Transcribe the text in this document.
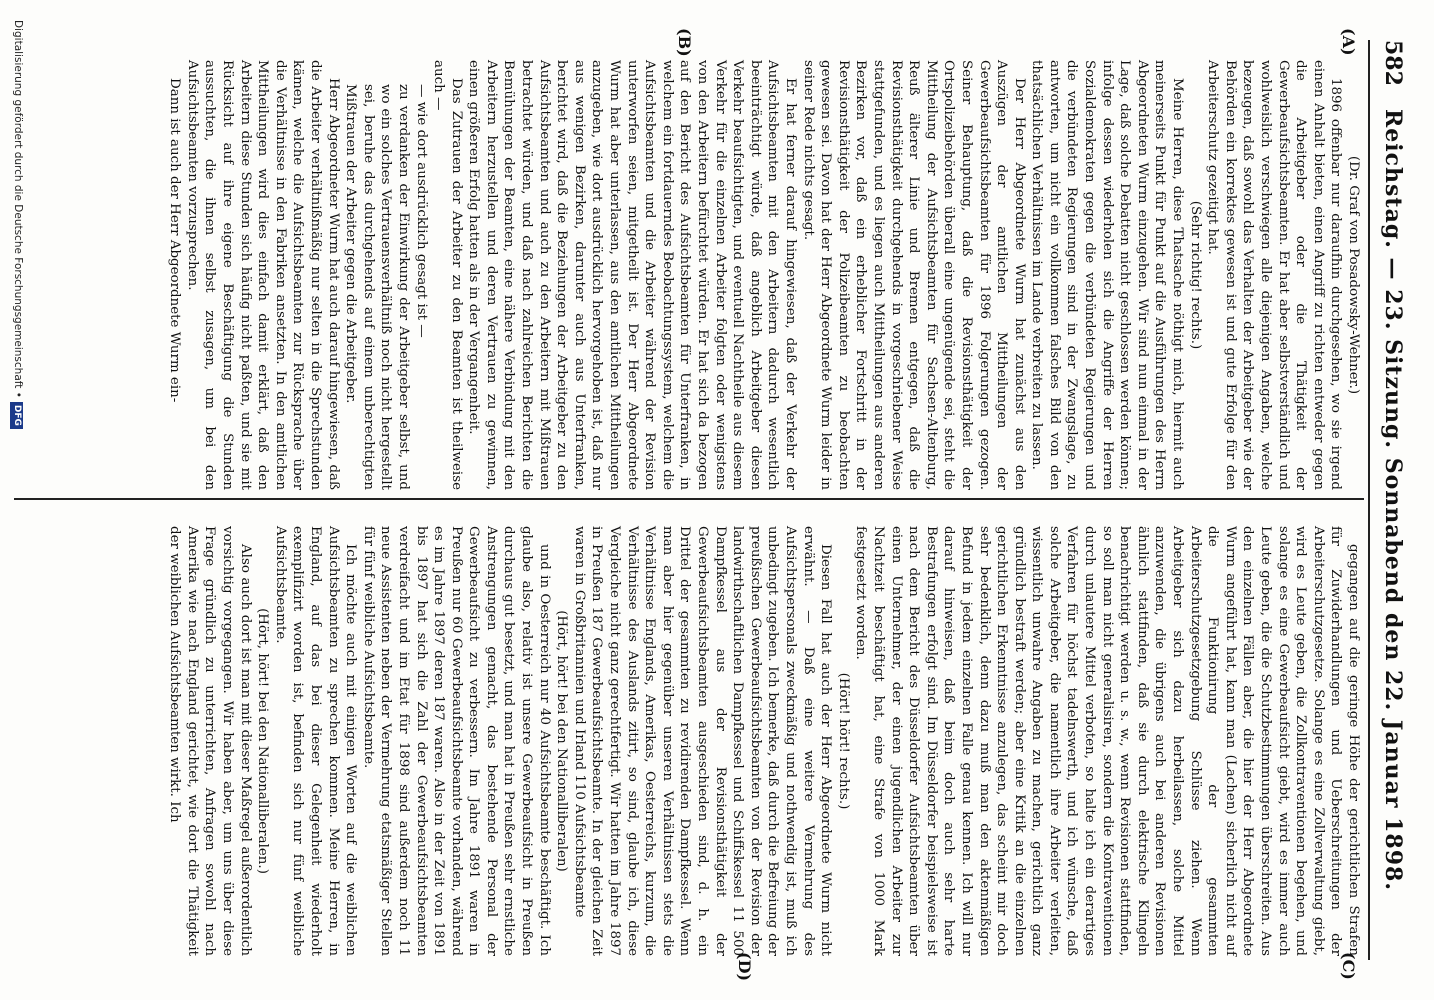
582
Reichstag. — 23. Sitzung. Sonnabend den 22. Januar 1898.
(A)
(B)
(C)
(D)

(Dr. Graf von Posadowsky-Wehner.)

1896 offenbar nur daraufhin durchgesehen, wo sie irgend einen Anhalt bieten, einen Angriff zu richten entweder gegen die Arbeitgeber oder die Thätigkeit der Gewerbeaufsichtsbeamten. Er hat aber selbstverständlich und wohlweislich verschwiegen alle diejenigen Angaben, welche bezeugen, daß sowohl das Verhalten der Arbeitgeber wie der Behörden ein korrektes gewesen ist und gute Erfolge für den Arbeiterschutz gezeitigt hat.

(Sehr richtig! rechts.)

Meine Herren, diese Thatsache nöthigt mich, hiermit auch meinerseits Punkt für Punkt auf die Ausführungen des Herrn Abgeordneten Wurm einzugehen. Wir sind nun einmal in der Lage, daß solche Debatten nicht geschlossen werden können; infolge dessen wiederholen sich die Angriffe der Herren Sozialdemokraten gegen die verbündeten Regierungen und die verbündeten Regierungen sind in der Zwangslage, zu antworten, um nicht ein vollkommen falsches Bild von den thatsächlichen Verhältnissen im Lande verbreiten zu lassen.

Der Herr Abgeordnete Wurm hat zunächst aus den Auszügen der amtlichen Mittheilungen der Gewerbeaufsichtsbeamten für 1896 Folgerungen gezogen. Seiner Behauptung, daß die Revisionsthätigkeit der Ortspolizeibehörden überall eine ungenügende sei, steht die Mittheilung der Aufsichtsbeamten für Sachsen-Altenburg, Reuß älterer Linie und Bremen entgegen, daß die Revisionsthätigkeit durchgehends in vorgeschriebener Weise stattgefunden, und es liegen auch Mittheilungen aus anderen Bezirken vor, daß ein erheblicher Fortschritt in der Revisionsthätigkeit der Polizeibeamten zu beobachten gewesen sei. Davon hat der Herr Abgeordnete Wurm leider in seiner Rede nichts gesagt.

Er hat ferner darauf hingewiesen, daß der Verkehr der Aufsichtsbeamten mit den Arbeitern dadurch wesentlich beeinträchtigt würde, daß angeblich Arbeitgeber diesen Verkehr beaufsichtigten, und eventuell Nachtheile aus diesem Verkehr für die einzelnen Arbeiter folgten oder wenigstens von den Arbeitern befürchtet würden. Er hat sich da bezogen auf den Bericht des Aufsichtsbeamten für Unterfranken, in welchem ein fortdauerndes Beobachtungssystem, welchem die Aufsichtsbeamten und die Arbeiter während der Revision unterworfen seien, mitgetheilt ist. Der Herr Abgeordnete Wurm hat aber unterlassen, aus den amtlichen Mittheilungen anzugeben, wie dort ausdrücklich hervorgehoben ist, daß nur aus wenigen Bezirken, darunter auch aus Unterfranken, berichtet wird, daß die Beziehungen der Arbeitgeber zu den Aufsichtsbeamten und auch zu den Arbeitern mit Mißtrauen betrachtet würden, und daß nach zahlreichen Berichten die Bemühungen der Beamten, eine nähere Verbindung mit den Arbeitern herzustellen und deren Vertrauen zu gewinnen, einen größeren Erfolg hatten als in der Vergangenheit.

Das Zutrauen der Arbeiter zu den Beamten ist theilweise auch —

— wie dort ausdrücklich gesagt ist —

zu verdanken der Einwirkung der Arbeitgeber selbst, und wo ein solches Vertrauensverhältniß noch nicht hergestellt sei, beruhe das durchgehends auf einem unberechtigten Mißtrauen der Arbeiter gegen die Arbeitgeber.

Herr Abgeordneter Wurm hat auch darauf hingewiesen, daß die Arbeiter verhältnißmäßig nur selten in die Sprechstunden kämen, welche die Aufsichtsbeamten zur Rücksprache über die Verhältnisse in den Fabriken ansetzten. In den amtlichen Mittheilungen wird dies einfach damit erklärt, daß den Arbeitern diese Stunden sich häufig nicht paßten, und sie mit Rücksicht auf ihre eigene Beschäftigung die Stunden aussuchten, die ihnen selbst zusagen, um bei den Aufsichtsbeamten vorzusprechen.

Dann ist auch der Herr Abgeordnete Wurm ein-

gegangen auf die geringe Höhe der gerichtlichen Strafen für Zuwiderhandlungen und Ueberschreitungen der Arbeiterschutzgesetze. Solange es eine Zollverwaltung giebt, wird es Leute geben, die Zollkontraventionen begehen, und solange es eine Gewerbeaufsicht giebt, wird es immer auch Leute geben, die die Schutzbestimmungen überschreiten. Aus den einzelnen Fällen aber, die hier der Herr Abgeordnete Wurm angeführt hat, kann man (Lachen) sicherlich nicht auf die Funktionirung der gesammten Arbeiterschutzgesetzgebung Schlüsse ziehen. Wenn Arbeitgeber sich dazu herbeilassen, solche Mittel anzuwenden, die übrigens auch bei anderen Revisionen ähnlich stattfinden, daß sie durch elektrische Klingeln benachrichtigt werden u. s. w., wenn Revisionen stattfinden, so soll man nicht generalisiren, sondern die Kontraventionen durch unlautere Mittel verboten, so halte ich ein derartiges Verfahren für höchst tadelnswerth, und ich wünsche, daß solche Arbeitgeber, die namentlich ihre Arbeiter verleiten, wissentlich unwahre Angaben zu machen, gerichtlich ganz gründlich bestraft werden; aber eine Kritik an die einzelnen gerichtlichen Erkenntnisse anzulegen, das scheint mir doch sehr bedenklich, denn dazu muß man den aktenmäßigen Befund in jedem einzelnen Falle genau kennen. Ich will nur darauf hinweisen, daß beim doch auch sehr harte Bestrafungen erfolgt sind. Im Düsseldorfer beispielsweise ist nach dem Bericht des Düsseldorfer Aufsichtsbeamten über einen Unternehmer, der einen jugendlichen Arbeiter zur Nachtzeit beschäftigt hat, eine Strafe von 1000 Mark festgesetzt worden.

(Hört! hört! rechts.)

Diesen Fall hat auch der Herr Abgeordnete Wurm nicht erwähnt. — Daß eine weitere Vermehrung des Aufsichtspersonals zweckmäßig und nothwendig ist, muß ich unbedingt zugeben. Ich bemerke, daß durch die Befreiung der preußischen Gewerbeaufsichtsbeamten von der Revision der landwirthschaftlichen Dampfkessel und Schiffskessel 11 500 Dampfkessel aus der Revisionsthätigkeit der Gewerbeaufsichtsbeamten ausgeschieden sind, d. h. ein Drittel der gesammten zu revidirenden Dampfkessel. Wenn man aber hier gegenüber unseren Verhältnissen stets die Verhältnisse Englands, Amerikas, Oesterreichs, kurzum, die Verhältnisse des Auslands zitirt, so sind, glaube ich, diese Vergleiche nicht ganz gerechtfertigt. Wir hatten im Jahre 1897 in Preußen 187 Gewerbeaufsichtsbeamte. In der gleichen Zeit waren in Großbritannien und Irland 110 Aufsichtsbeamte

(Hört, hört! bei den Nationalliberalen)

und in Oesterreich nur 40 Aufsichtsbeamte beschäftigt. Ich glaube also, relativ ist unsere Gewerbeaufsicht in Preußen durchaus gut besetzt, und man hat in Preußen sehr ernstliche Anstrengungen gemacht, das bestehende Personal der Gewerbeaufsicht zu verbessern. Im Jahre 1891 waren in Preußen nur 60 Gewerbeaufsichtsbeamte vorhanden, während es im Jahre 1897 deren 187 waren. Also in der Zeit von 1891 bis 1897 hat sich die Zahl der Gewerbeaufsichtsbeamten verdreifacht und im Etat für 1898 sind außerdem noch 11 neue Assistenten neben der Vermehrung etatsmäßiger Stellen für fünf weibliche Aufsichtsbeamte.

Ich möchte auch mit einigen Worten auf die weiblichen Aufsichtsbeamten zu sprechen kommen. Meine Herren, in England, auf das bei dieser Gelegenheit wiederholt exemplifizirt worden ist, befinden sich nur fünf weibliche Aufsichtsbeamte.

(Hört, hört! bei den Nationalliberalen.)

Also auch dort ist man mit dieser Maßregel außerordentlich vorsichtig vorgegangen. Wir haben aber, um uns über diese Frage gründlich zu unterrichten, Anfragen sowohl nach Amerika wie nach England gerichtet, wie dort die Thätigkeit der weiblichen Aufsichtsbeamten wirkt. Ich

Digitalisierung gefördert durch die Deutsche Forschungsgemeinschaft •DFG
